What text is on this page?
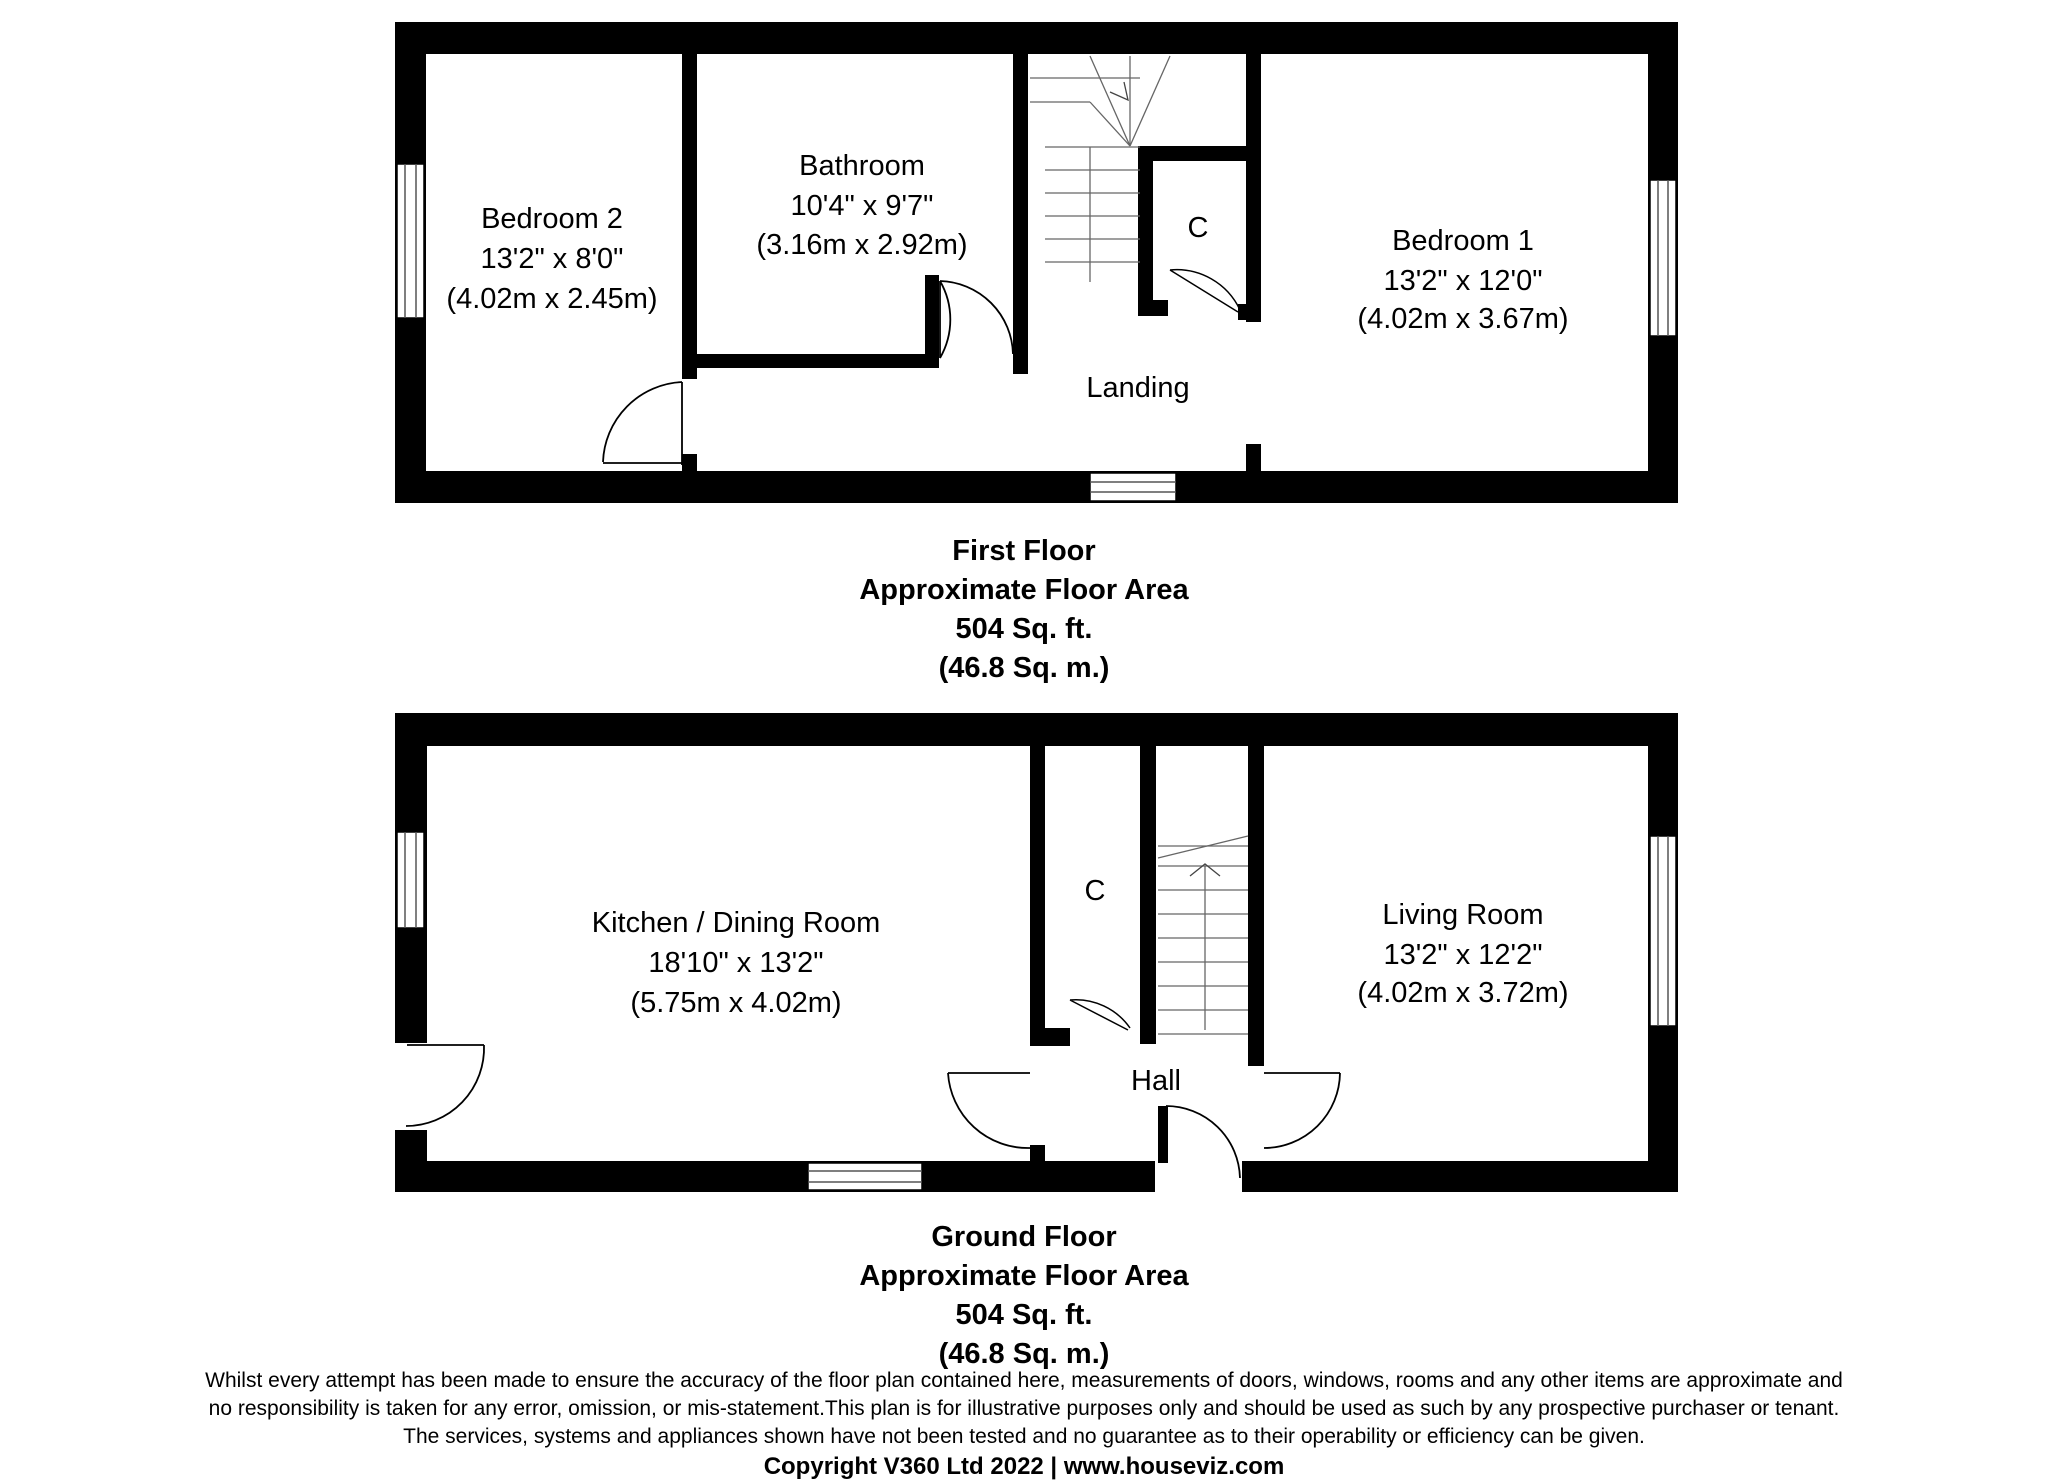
Bedroom 2
13'2" x 8'0"
(4.02m x 2.45m)
Bathroom
10'4" x 9'7"
(3.16m x 2.92m)
C	Bedroom 1
13'2" x 12'0"
(4.02m x 3.67m)
Landing
Kitchen / Dining Room
18'10" x 13'2"
(5.75m x 4.02m)
C
Living Room
13'2" x 12'2"
(4.02m x 3.72m)
Hall
First Floor
Approximate Floor Area
504 Sq. ft.
(46.8 Sq. m.)
Ground Floor
Approximate Floor Area
504 Sq. ft.
(46.8 Sq. m.)
Whilst every attempt has been made to ensure the accuracy of the floor plan contained here, measurements of doors, windows, rooms and any other items are approximate and
no responsibility is taken for any error, omission, or mis-statement.This plan is for illustrative purposes only and should be used as such by any prospective purchaser or tenant.
The services, systems and appliances shown have not been tested and no guarantee as to their operability or efficiency can be given.
Copyright V360 Ltd 2022 | www.houseviz.com
